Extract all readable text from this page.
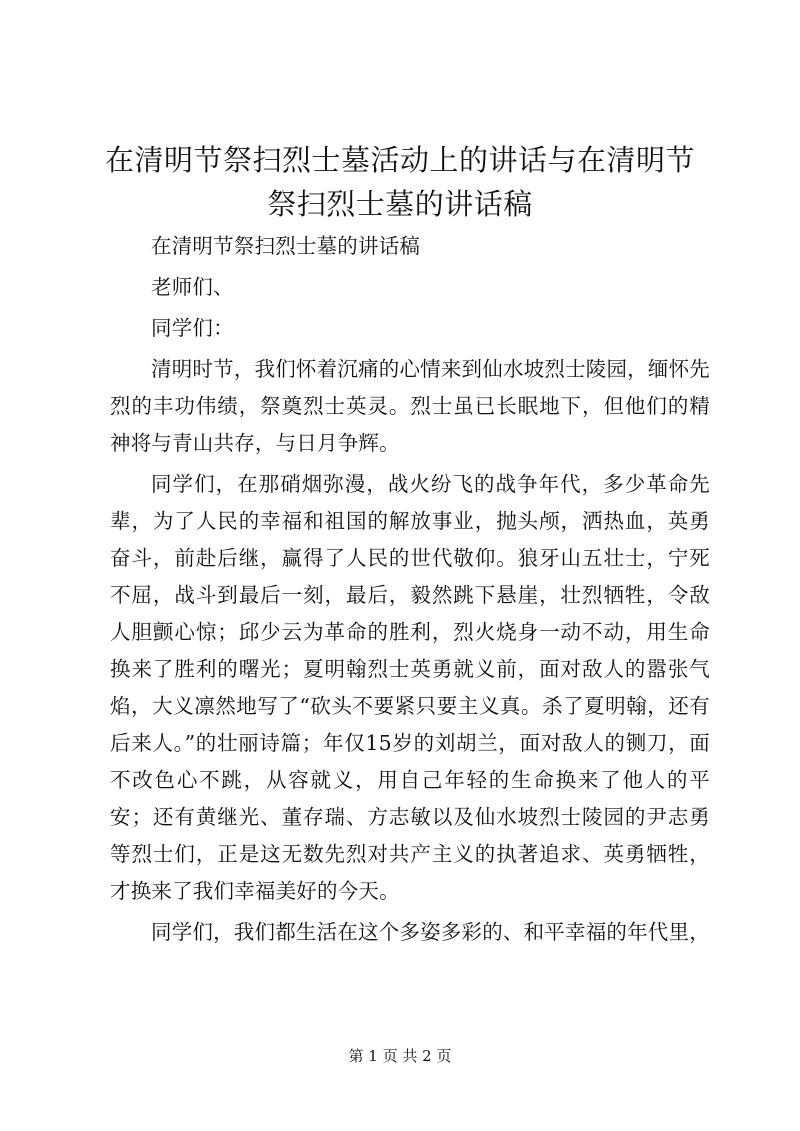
在清明节祭扫烈士墓活动上的讲话与在清明节祭扫烈士墓的讲话稿

在清明节祭扫烈士墓的讲话稿

老师们、

同学们：

清明时节，我们怀着沉痛的心情来到仙水坡烈士陵园，缅怀先烈的丰功伟绩，祭奠烈士英灵。烈士虽已长眠地下，但他们的精神将与青山共存，与日月争辉。

同学们，在那硝烟弥漫，战火纷飞的战争年代，多少革命先辈，为了人民的幸福和祖国的解放事业，抛头颅，洒热血，英勇奋斗，前赴后继，赢得了人民的世代敬仰。狼牙山五壮士，宁死不屈，战斗到最后一刻，最后，毅然跳下悬崖，壮烈牺牲，令敌人胆颤心惊；邱少云为革命的胜利，烈火烧身一动不动，用生命换来了胜利的曙光；夏明翰烈士英勇就义前，面对敌人的嚣张气焰，大义凛然地写了“砍头不要紧只要主义真。杀了夏明翰，还有后来人。”的壮丽诗篇；年仅15岁的刘胡兰，面对敌人的铡刀，面不改色心不跳，从容就义，用自己年轻的生命换来了他人的平安；还有黄继光、董存瑞、方志敏以及仙水坡烈士陵园的尹志勇等烈士们，正是这无数先烈对共产主义的执著追求、英勇牺牲，才换来了我们幸福美好的今天。

同学们，我们都生活在这个多姿多彩的、和平幸福的年代里，

第 1 页 共 2 页
